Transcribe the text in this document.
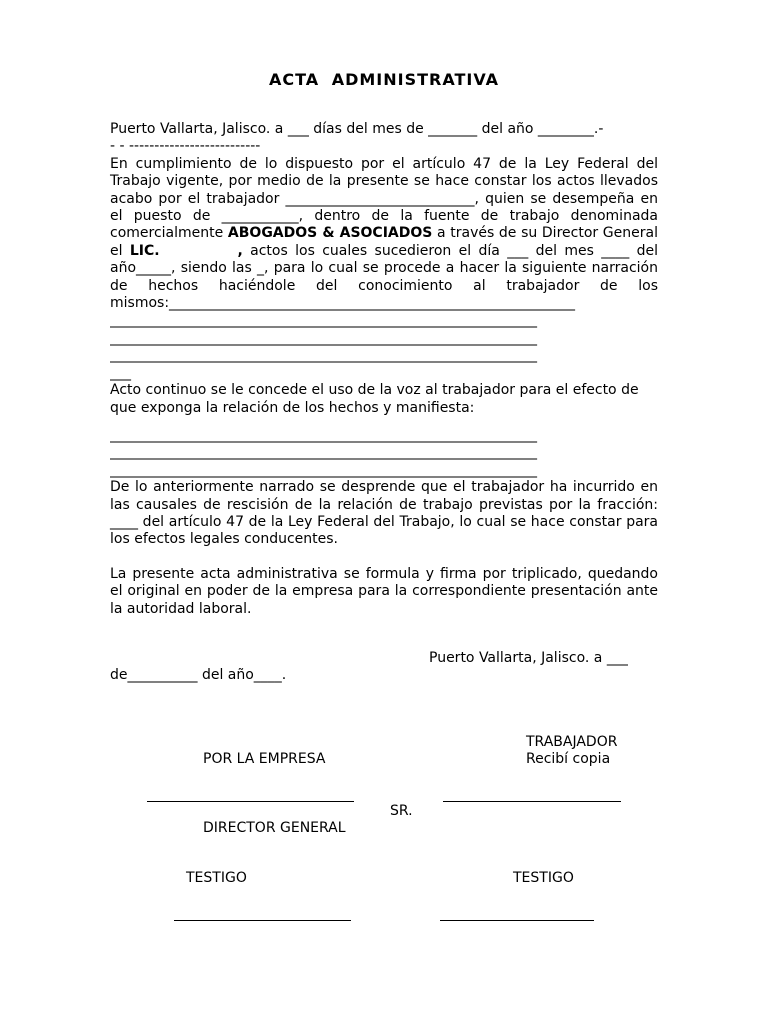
ACTA ADMINISTRATIVA

Puerto Vallarta, Jalisco. a ___ días del mes de _______ del año ________.-

- - --------------------------

En cumplimiento de lo dispuesto por el artículo 47 de la Ley Federal del Trabajo vigente, por medio de la presente se hace constar los actos llevados acabo por el trabajador ___________________________, quien se desempeña en el puesto de ___________, dentro de la fuente de trabajo denominada comercialmente ABOGADOS & ASOCIADOS a través de su Director General el LIC.          , actos los cuales sucedieron el día ___ del mes ____ del año_____, siendo las _, para lo cual se procede a hacer la siguiente narración de hechos haciéndole del conocimiento al trabajador de los mismos:__________________________________________________________

_____________________________________________________________

_____________________________________________________________

_____________________________________________________________

___

Acto continuo se le concede el uso de la voz al trabajador para el efecto de que exponga la relación de los hechos y manifiesta:

_____________________________________________________________

_____________________________________________________________

_____________________________________________________________

De lo anteriormente narrado se desprende que el trabajador ha incurrido en las causales de rescisión de la relación de trabajo previstas por la fracción: ____ del artículo 47 de la Ley Federal del Trabajo, lo cual se hace constar para los efectos legales conducentes.

La presente acta administrativa se formula y firma por triplicado, quedando el original en poder de la empresa para la correspondiente presentación ante la autoridad laboral.

Puerto Vallarta, Jalisco. a ___
de__________ del año____.
TRABAJADOR
Recibí copia
POR LA EMPRESA
SR.
DIRECTOR GENERAL
TESTIGO	TESTIGO
